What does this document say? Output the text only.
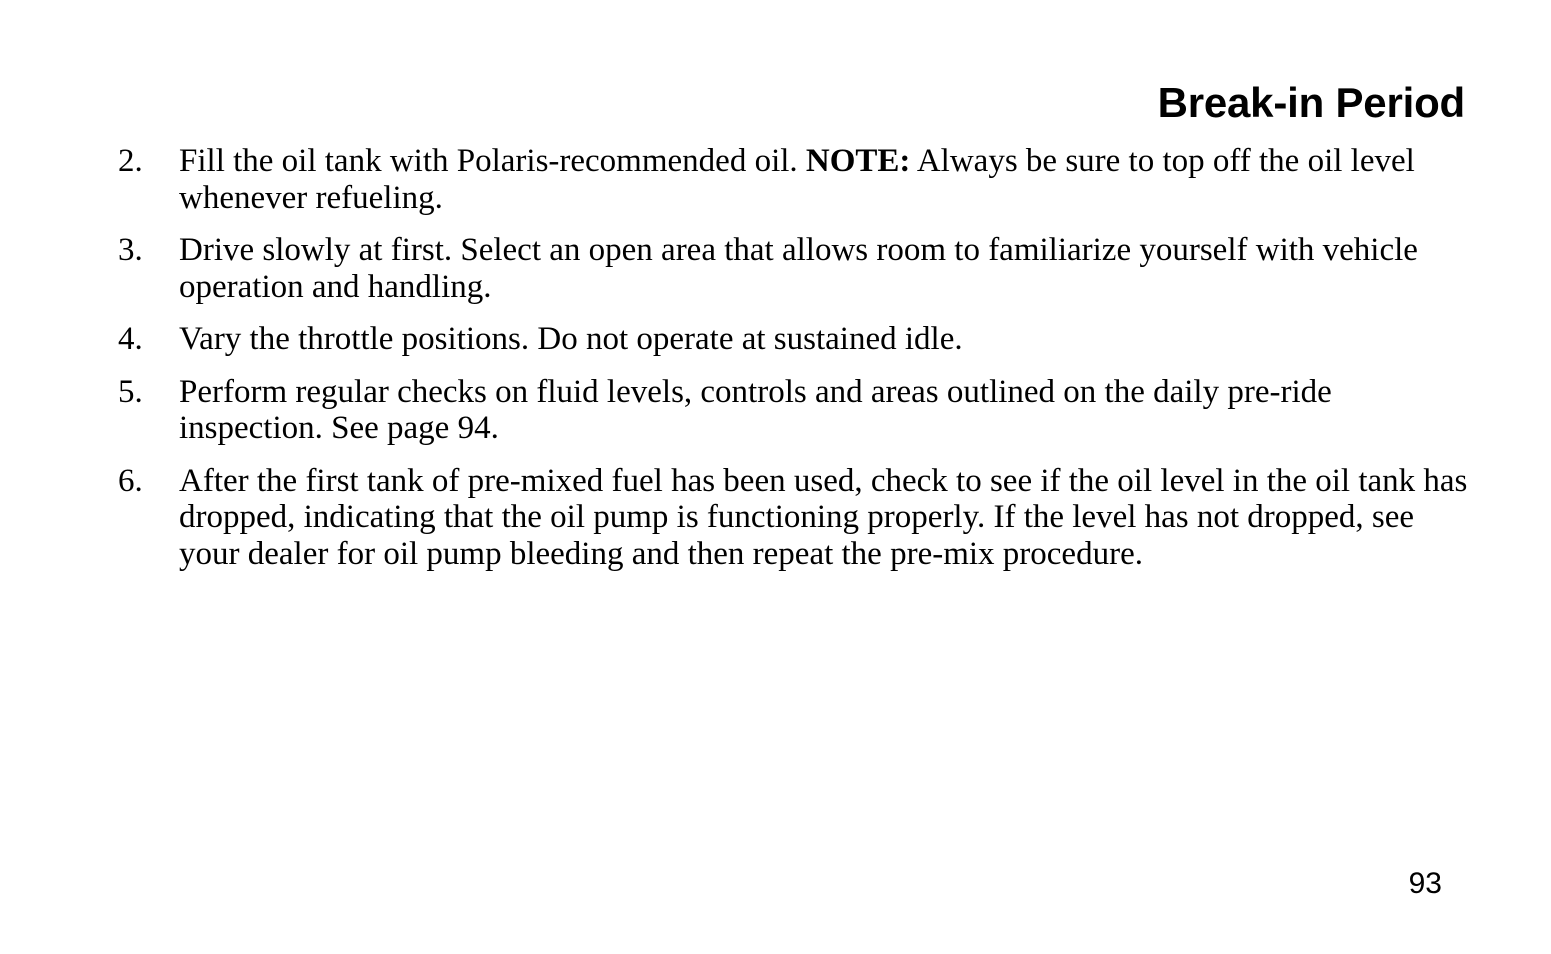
Break-in Period
2. Fill the oil tank with Polaris-recommended oil. NOTE: Always be sure to top off the oil level whenever refueling.
3. Drive slowly at first. Select an open area that allows room to familiarize yourself with vehicle operation and handling.
4. Vary the throttle positions. Do not operate at sustained idle.
5. Perform regular checks on fluid levels, controls and areas outlined on the daily pre-ride inspection. See page 94.
6. After the first tank of pre-mixed fuel has been used, check to see if the oil level in the oil tank has dropped, indicating that the oil pump is functioning properly. If the level has not dropped, see your dealer for oil pump bleeding and then repeat the pre-mix procedure.
93
